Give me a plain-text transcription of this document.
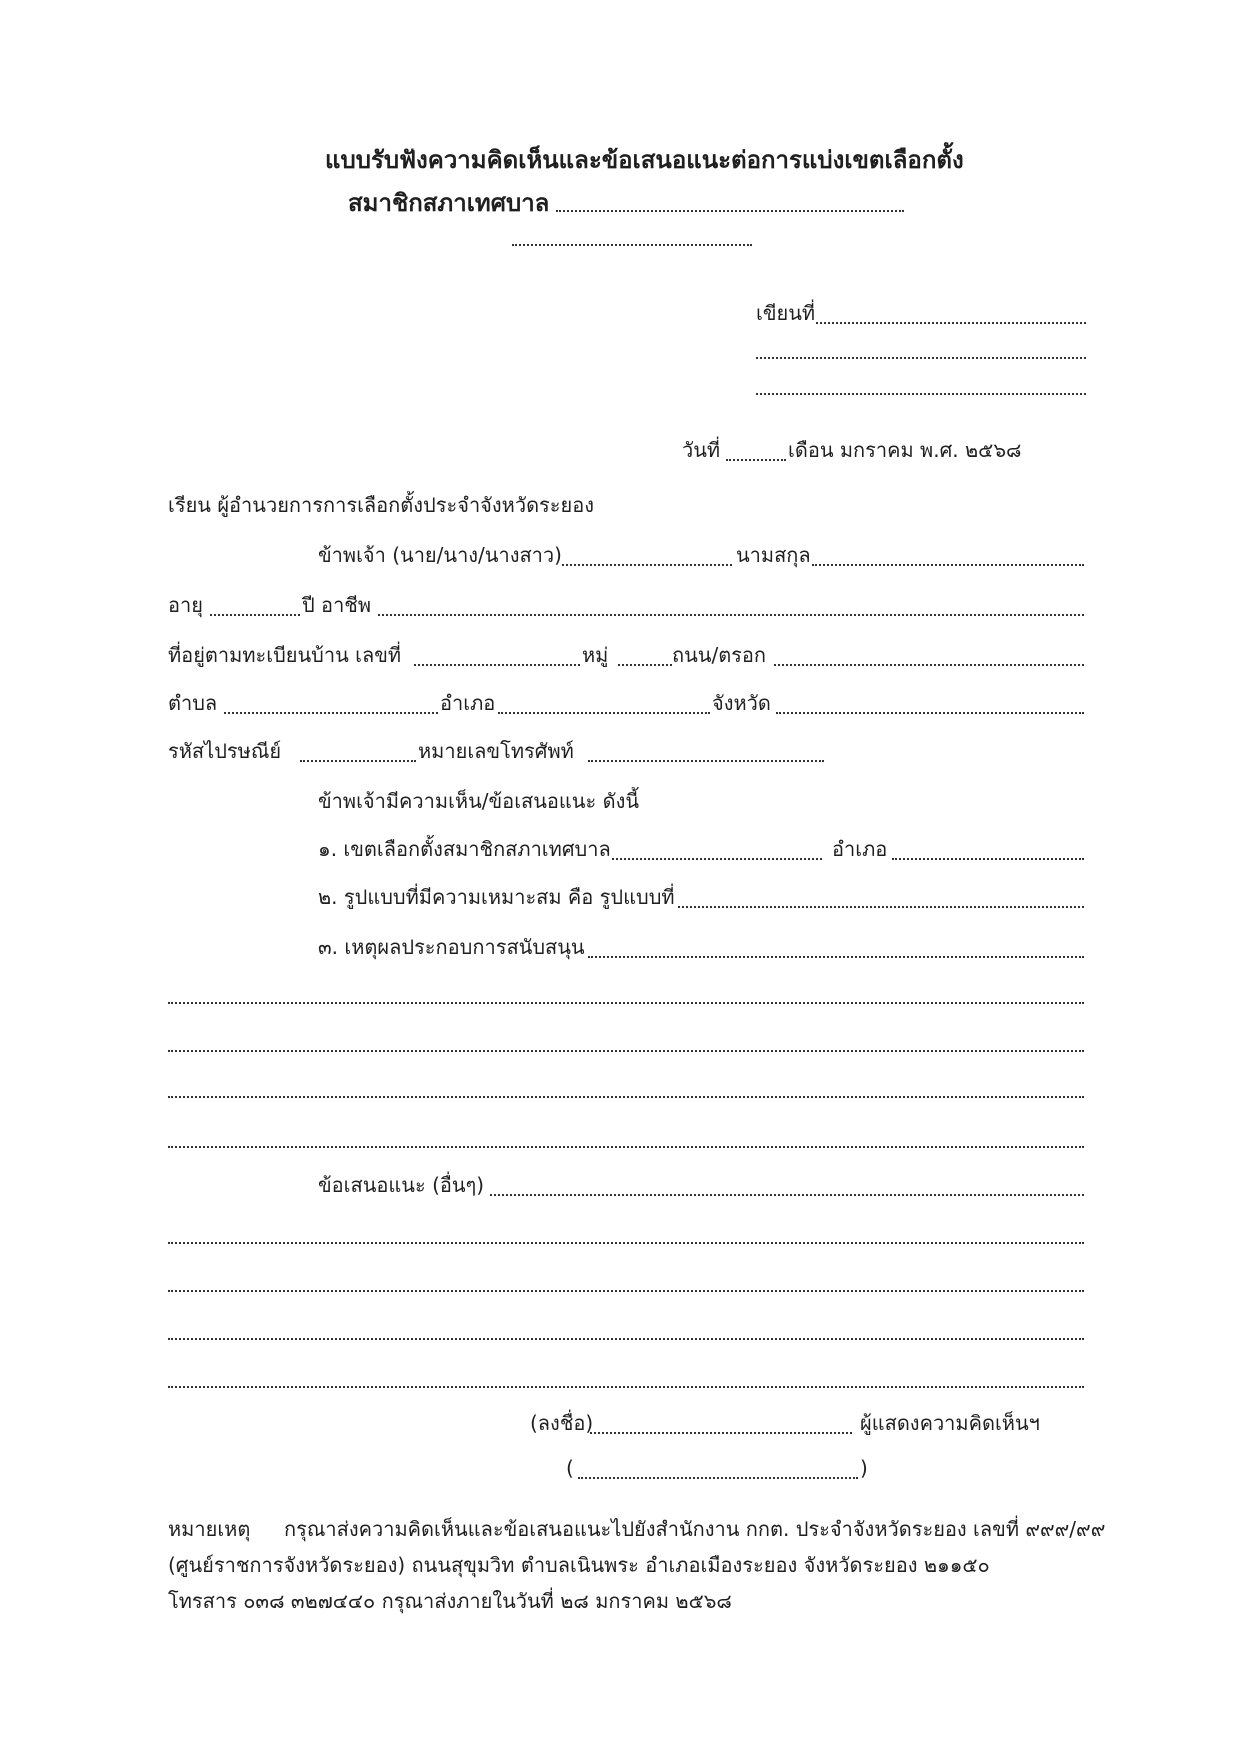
แบบรับฟังความคิดเห็นและข้อเสนอแนะต่อการแบ่งเขตเลือกตั้ง
สมาชิกสภาเทศบาล
เขียนที่
วันที่	เดือน มกราคม พ.ศ. ๒๕๖๘
เรียน ผู้อำนวยการการเลือกตั้งประจำจังหวัดระยอง
ข้าพเจ้า (นาย/นาง/นางสาว)	นามสกุล
อายุ	ปี อาชีพ
ที่อยู่ตามทะเบียนบ้าน เลขที่	หมู่	ถนน/ตรอก
ตำบล	อำเภอ	จังหวัด
รหัสไปรษณีย์	หมายเลขโทรศัพท์
ข้าพเจ้ามีความเห็น/ข้อเสนอแนะ ดังนี้
๑. เขตเลือกตั้งสมาชิกสภาเทศบาล	อำเภอ
๒. รูปแบบที่มีความเหมาะสม คือ รูปแบบที่
๓. เหตุผลประกอบการสนับสนุน
ข้อเสนอแนะ (อื่นๆ)
(ลงชื่อ)	ผู้แสดงความคิดเห็นฯ
(	)
หมายเหตุ กรุณาส่งความคิดเห็นและข้อเสนอแนะไปยังสำนักงาน กกต. ประจำจังหวัดระยอง เลขที่ ๙๙๙/๙๙
(ศูนย์ราชการจังหวัดระยอง) ถนนสุขุมวิท ตำบลเนินพระ อำเภอเมืองระยอง จังหวัดระยอง ๒๑๑๕๐
โทรสาร ๐๓๘ ๓๒๗๔๔๐ กรุณาส่งภายในวันที่ ๒๘ มกราคม ๒๕๖๘
